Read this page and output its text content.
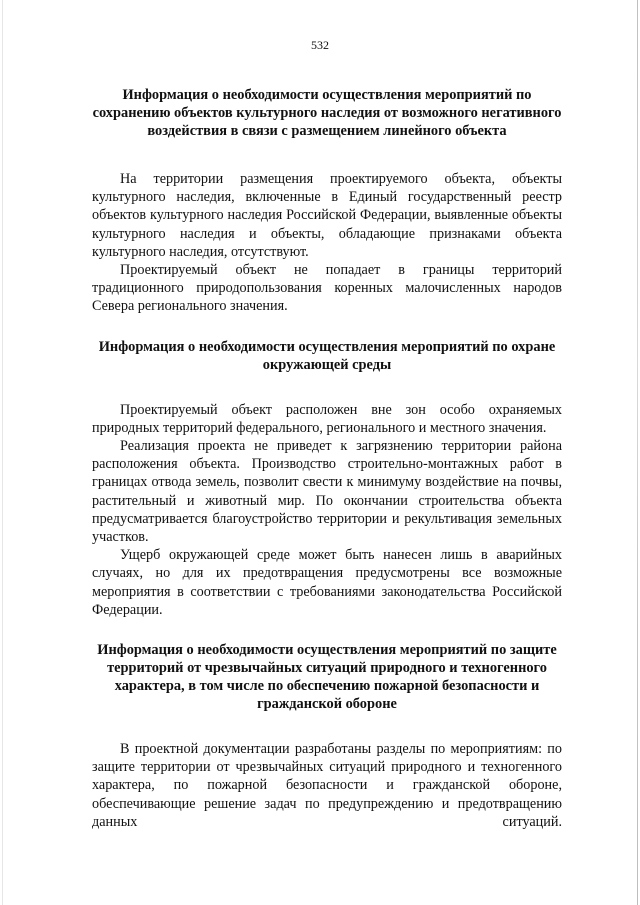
532

Информация о необходимости осуществления мероприятий по
сохранению объектов культурного наследия от возможного негативного
воздействия в связи с размещением линейного объекта

На территории размещения проектируемого объекта, объекты культурного наследия, включенные в Единый государственный реестр объектов культурного наследия Российской Федерации, выявленные объекты культурного наследия и объекты, обладающие признаками объекта культурного наследия, отсутствуют.

Проектируемый объект не попадает в границы территорий традиционного природопользования коренных малочисленных народов Севера регионального значения.

Информация о необходимости осуществления мероприятий по охране
окружающей среды

Проектируемый объект расположен вне зон особо охраняемых природных территорий федерального, регионального и местного значения.

Реализация проекта не приведет к загрязнению территории района расположения объекта. Производство строительно-монтажных работ в границах отвода земель, позволит свести к минимуму воздействие на почвы, растительный и животный мир. По окончании строительства объекта предусматривается благоустройство территории и рекультивация земельных участков.

Ущерб окружающей среде может быть нанесен лишь в аварийных случаях, но для их предотвращения предусмотрены все возможные мероприятия в соответствии с требованиями законодательства Российской Федерации.

Информация о необходимости осуществления мероприятий по защите
территорий от чрезвычайных ситуаций природного и техногенного
характера, в том числе по обеспечению пожарной безопасности и
гражданской обороне

В проектной документации разработаны разделы по мероприятиям: по защите территории от чрезвычайных ситуаций природного и техногенного характера, по пожарной безопасности и гражданской обороне, обеспечивающие решение задач по предупреждению и предотвращению данных ситуаций.
